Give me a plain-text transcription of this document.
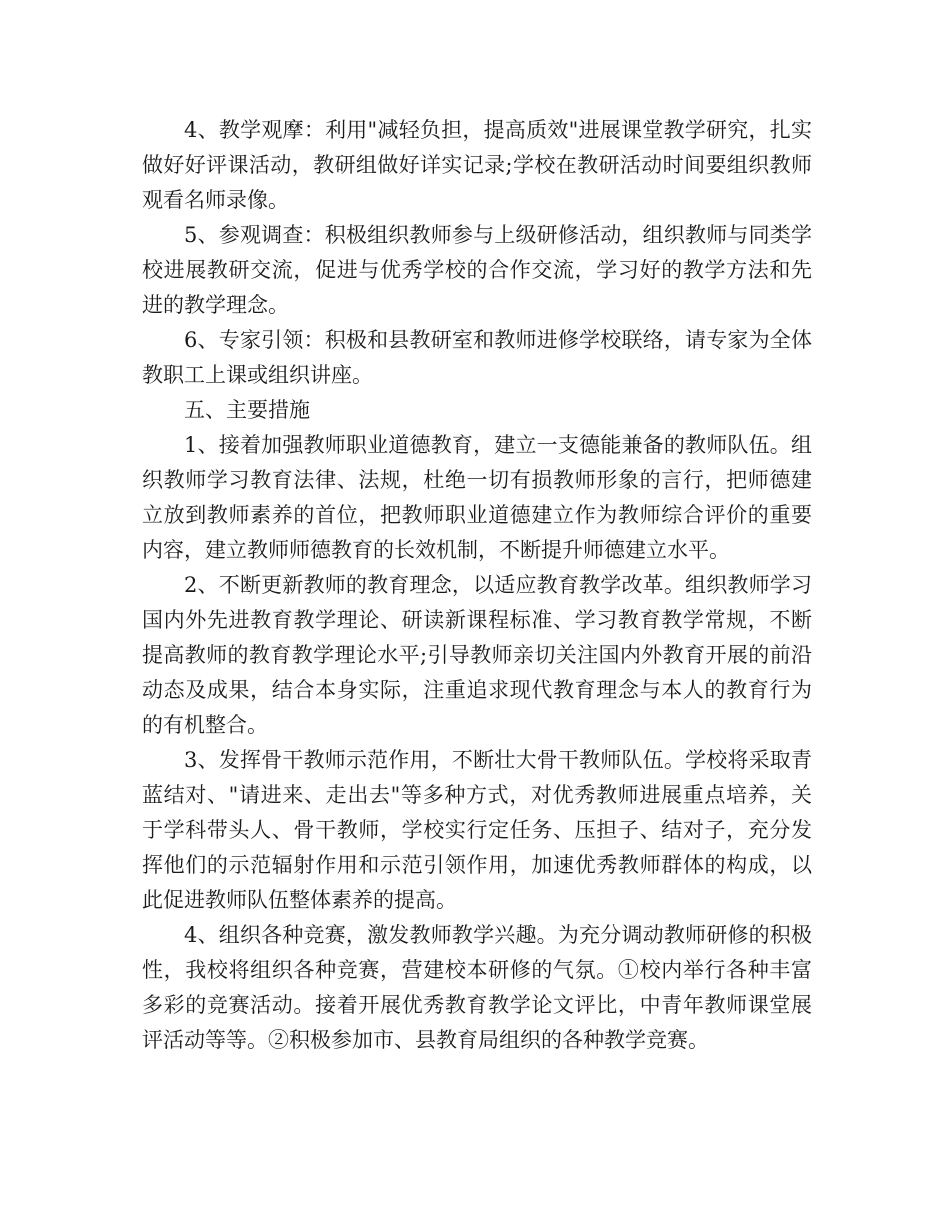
4、教学观摩：利用"减轻负担，提高质效"进展课堂教学研究，扎实做好好评课活动，教研组做好详实记录;学校在教研活动时间要组织教师观看名师录像。

5、参观调查：积极组织教师参与上级研修活动，组织教师与同类学校进展教研交流，促进与优秀学校的合作交流，学习好的教学方法和先进的教学理念。

6、专家引领：积极和县教研室和教师进修学校联络，请专家为全体教职工上课或组织讲座。

五、主要措施

1、接着加强教师职业道德教育，建立一支德能兼备的教师队伍。组织教师学习教育法律、法规，杜绝一切有损教师形象的言行，把师德建立放到教师素养的首位，把教师职业道德建立作为教师综合评价的重要内容，建立教师师德教育的长效机制，不断提升师德建立水平。

2、不断更新教师的教育理念，以适应教育教学改革。组织教师学习国内外先进教育教学理论、研读新课程标准、学习教育教学常规，不断提高教师的教育教学理论水平;引导教师亲切关注国内外教育开展的前沿动态及成果，结合本身实际，注重追求现代教育理念与本人的教育行为的有机整合。

3、发挥骨干教师示范作用，不断壮大骨干教师队伍。学校将采取青蓝结对、"请进来、走出去"等多种方式，对优秀教师进展重点培养，关于学科带头人、骨干教师，学校实行定任务、压担子、结对子，充分发挥他们的示范辐射作用和示范引领作用，加速优秀教师群体的构成，以此促进教师队伍整体素养的提高。

4、组织各种竞赛，激发教师教学兴趣。为充分调动教师研修的积极性，我校将组织各种竞赛，营建校本研修的气氛。①校内举行各种丰富多彩的竞赛活动。接着开展优秀教育教学论文评比，中青年教师课堂展评活动等等。②积极参加市、县教育局组织的各种教学竞赛。
